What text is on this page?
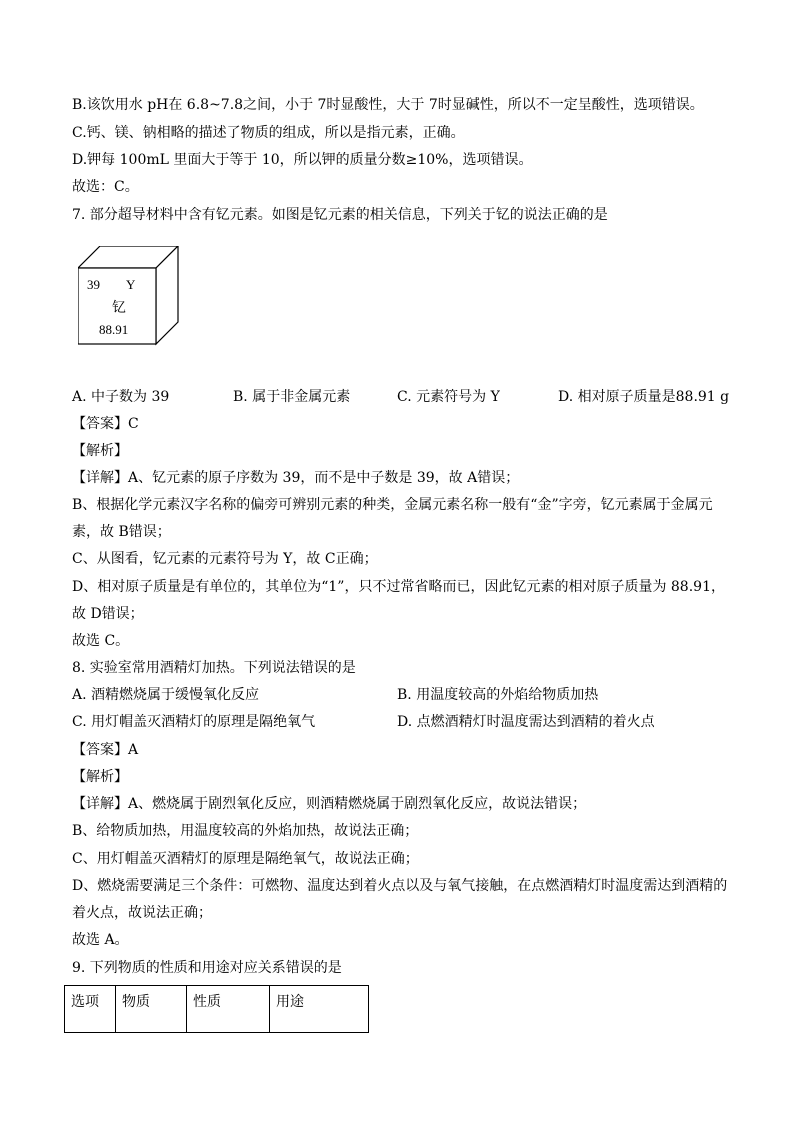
B.该饮用水 pH在 6.8~7.8之间，小于 7时显酸性，大于 7时显碱性，所以不一定呈酸性，选项错误。
C.钙、镁、钠相略的描述了物质的组成，所以是指元素，正确。
D.钾每 100mL 里面大于等于 10，所以钾的质量分数≥10%，选项错误。
故选：C。
7. 部分超导材料中含有钇元素。如图是钇元素的相关信息，下列关于钇的说法正确的是
39 Y
钇
88.91
A. 中子数为 39	B. 属于非金属元素	C. 元素符号为 Y	D. 相对原子质量是88.91 g
【答案】C
【解析】
【详解】A、钇元素的原子序数为 39，而不是中子数是 39，故 A错误；
B、根据化学元素汉字名称的偏旁可辨别元素的种类，金属元素名称一般有“金”字旁，钇元素属于金属元
素，故 B错误；
C、从图看，钇元素的元素符号为 Y，故 C正确；
D、相对原子质量是有单位的，其单位为“1”，只不过常省略而已，因此钇元素的相对原子质量为 88.91，
故 D错误；
故选 C。
8. 实验室常用酒精灯加热。下列说法错误的是
A. 酒精燃烧属于缓慢氧化反应	B. 用温度较高的外焰给物质加热
C. 用灯帽盖灭酒精灯的原理是隔绝氧气	D. 点燃酒精灯时温度需达到酒精的着火点
【答案】A
【解析】
【详解】A、燃烧属于剧烈氧化反应，则酒精燃烧属于剧烈氧化反应，故说法错误；
B、给物质加热，用温度较高的外焰加热，故说法正确；
C、用灯帽盖灭酒精灯的原理是隔绝氧气，故说法正确；
D、燃烧需要满足三个条件：可燃物、温度达到着火点以及与氧气接触，在点燃酒精灯时温度需达到酒精的
着火点，故说法正确；
故选 A。
9. 下列物质的性质和用途对应关系错误的是
选项	物质	性质	用途
